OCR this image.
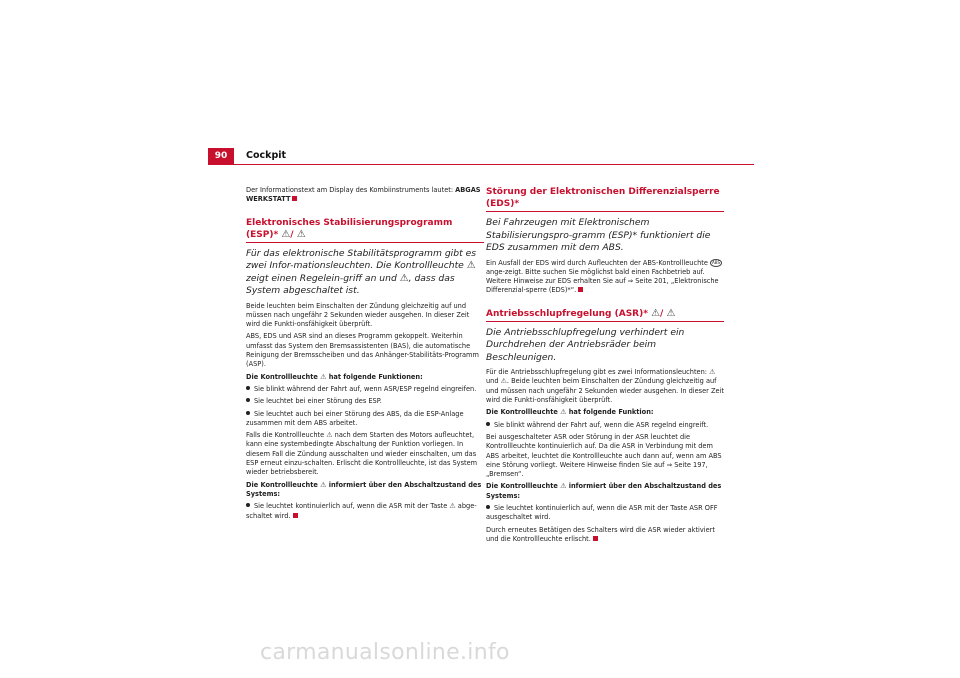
90	Cockpit

Der Informationstext am Display des Kombiinstruments lautet: ABGAS WERKSTATT

Elektronisches Stabilisierungsprogramm (ESP)* ⚠/ ⚠

Für das elektronische Stabilitätsprogramm gibt es zwei Infor-mationsleuchten. Die Kontrollleuchte ⚠ zeigt einen Regelein-griff an und ⚠, dass das System abgeschaltet ist.

Beide leuchten beim Einschalten der Zündung gleichzeitig auf und müssen nach ungefähr 2 Sekunden wieder ausgehen. In dieser Zeit wird die Funkti-onsfähigkeit überprüft.

ABS, EDS und ASR sind an dieses Programm gekoppelt. Weiterhin umfasst das System den Bremsassistenten (BAS), die automatische Reinigung der Bremsscheiben und das Anhänger-Stabilitäts-Programm (ASP).

Die Kontrollleuchte ⚠ hat folgende Funktionen:

Sie blinkt während der Fahrt auf, wenn ASR/ESP regelnd eingreifen.

Sie leuchtet bei einer Störung des ESP.

Sie leuchtet auch bei einer Störung des ABS, da die ESP-Anlage zusammen mit dem ABS arbeitet.

Falls die Kontrollleuchte ⚠ nach dem Starten des Motors aufleuchtet, kann eine systembedingte Abschaltung der Funktion vorliegen. In diesem Fall die Zündung ausschalten und wieder einschalten, um das ESP erneut einzu-schalten. Erlischt die Kontrollleuchte, ist das System wieder betriebsbereit.

Die Kontrollleuchte ⚠ informiert über den Abschaltzustand des Systems:

Sie leuchtet kontinuierlich auf, wenn die ASR mit der Taste ⚠ abge-schaltet wird.

Störung der Elektronischen Differenzialsperre (EDS)*

Bei Fahrzeugen mit Elektronischem Stabilisierungspro-gramm (ESP)* funktioniert die EDS zusammen mit dem ABS.

Ein Ausfall der EDS wird durch Aufleuchten der ABS-Kontrollleuchte ABS ange-zeigt. Bitte suchen Sie möglichst bald einen Fachbetrieb auf. Weitere Hinweise zur EDS erhalten Sie auf ⇒ Seite 201, „Elektronische Differenzial-sperre (EDS)*“.

Antriebsschlupfregelung (ASR)* ⚠/ ⚠

Die Antriebsschlupfregelung verhindert ein Durchdrehen der Antriebsräder beim Beschleunigen.

Für die Antriebsschlupfregelung gibt es zwei Informationsleuchten: ⚠ und ⚠. Beide leuchten beim Einschalten der Zündung gleichzeitig auf und müssen nach ungefähr 2 Sekunden wieder ausgehen. In dieser Zeit wird die Funkti-onsfähigkeit überprüft.

Die Kontrollleuchte ⚠ hat folgende Funktion:

Sie blinkt während der Fahrt auf, wenn die ASR regelnd eingreift.

Bei ausgeschalteter ASR oder Störung in der ASR leuchtet die Kontrollleuchte kontinuierlich auf. Da die ASR in Verbindung mit dem ABS arbeitet, leuchtet die Kontrollleuchte auch dann auf, wenn am ABS eine Störung vorliegt. Weitere Hinweise finden Sie auf ⇒ Seite 197, „Bremsen“.

Die Kontrollleuchte ⚠ informiert über den Abschaltzustand des Systems:

Sie leuchtet kontinuierlich auf, wenn die ASR mit der Taste ASR OFF ausgeschaltet wird.

Durch erneutes Betätigen des Schalters wird die ASR wieder aktiviert und die Kontrollleuchte erlischt.

carmanualsonline.info
